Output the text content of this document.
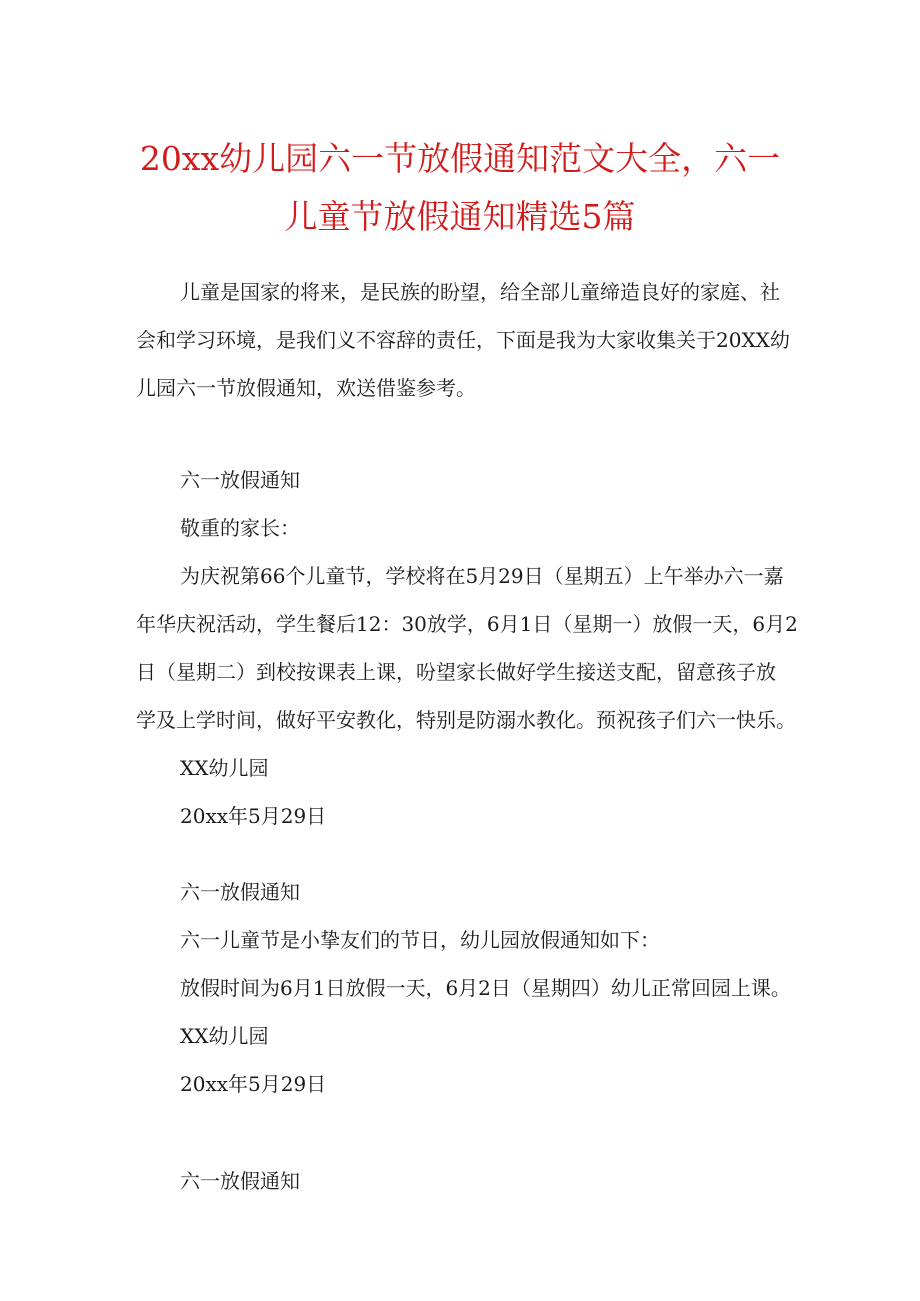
20xx幼儿园六一节放假通知范文大全，六一
儿童节放假通知精选5篇
儿童是国家的将来，是民族的盼望，给全部儿童缔造良好的家庭、社
会和学习环境，是我们义不容辞的责任，下面是我为大家收集关于20XX幼
儿园六一节放假通知，欢送借鉴参考。
六一放假通知
敬重的家长：
为庆祝第66个儿童节，学校将在5月29日（星期五）上午举办六一嘉
年华庆祝活动，学生餐后12：30放学，6月1日（星期一）放假一天，6月2
日（星期二）到校按课表上课，吩望家长做好学生接送支配，留意孩子放
学及上学时间，做好平安教化，特别是防溺水教化。预祝孩子们六一快乐。
XX幼儿园
20xx年5月29日
六一放假通知
六一儿童节是小挚友们的节日，幼儿园放假通知如下：
放假时间为6月1日放假一天，6月2日（星期四）幼儿正常回园上课。
XX幼儿园
20xx年5月29日
六一放假通知
